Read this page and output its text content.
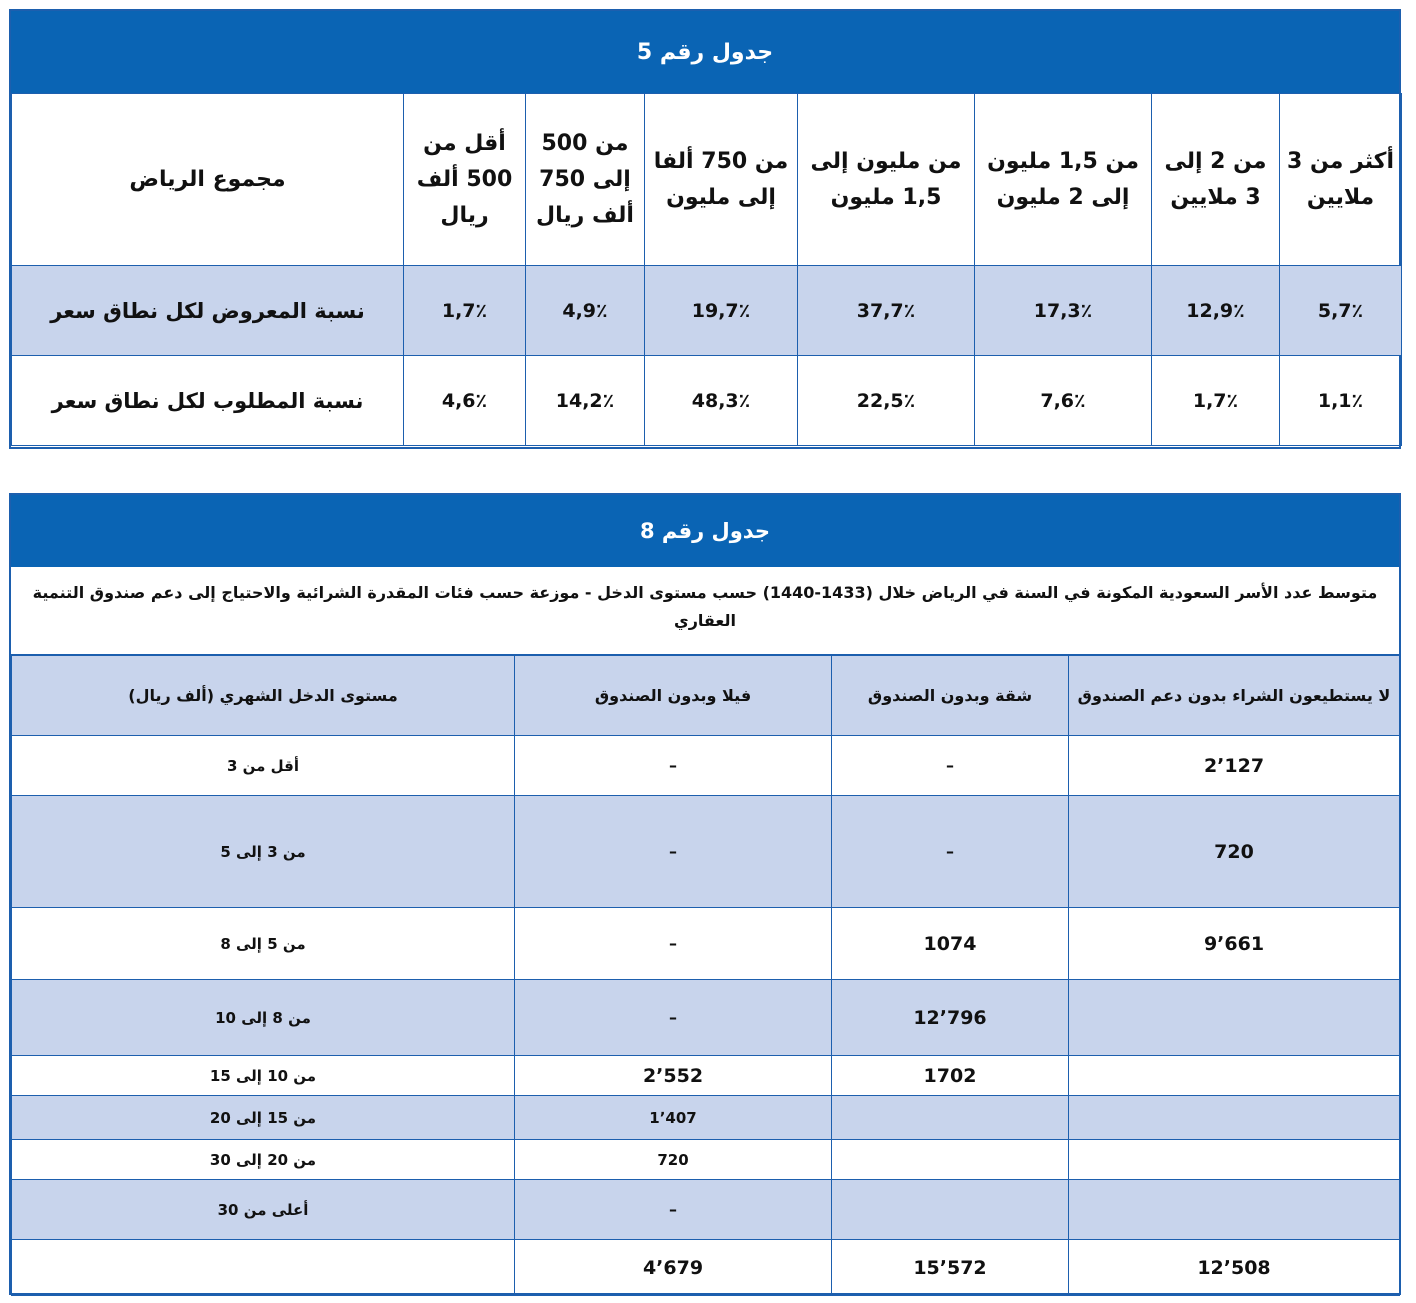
جدول رقم 5
مجموع الرياض	أقل من 500 ألف ريال	من 500 إلى 750 ألف ريال	من 750 ألفا إلى مليون	من مليون إلى 1,5 مليون	من 1,5 مليون إلى 2 مليون	من 2 إلى 3 ملايين	أكثر من 3 ملايين
نسبة المعروض لكل نطاق سعر	1,7٪	4,9٪	19,7٪	37,7٪	17,3٪	12,9٪	5,7٪
نسبة المطلوب لكل نطاق سعر	4,6٪	14,2٪	48,3٪	22,5٪	7,6٪	1,7٪	1,1٪
جدول رقم 8
متوسط عدد الأسر السعودية المكونة في السنة في الرياض خلال (1433-1440) حسب مستوى الدخل - موزعة حسب فئات المقدرة الشرائية والاحتياج إلى دعم صندوق التنمية العقاري
مستوى الدخل الشهري (ألف ريال)	فيلا وبدون الصندوق	شقة وبدون الصندوق	لا يستطيعون الشراء بدون دعم الصندوق
أقل من 3	–	–	2٬127
من 3 إلى 5	–	–	720
من 5 إلى 8	–	1074	9٬661
من 8 إلى 10	–	12٬796	
من 10 إلى 15	2٬552	1702	
من 15 إلى 20	1٬407		
من 20 إلى 30	720		
أعلى من 30	–		
	4٬679	15٬572	12٬508
